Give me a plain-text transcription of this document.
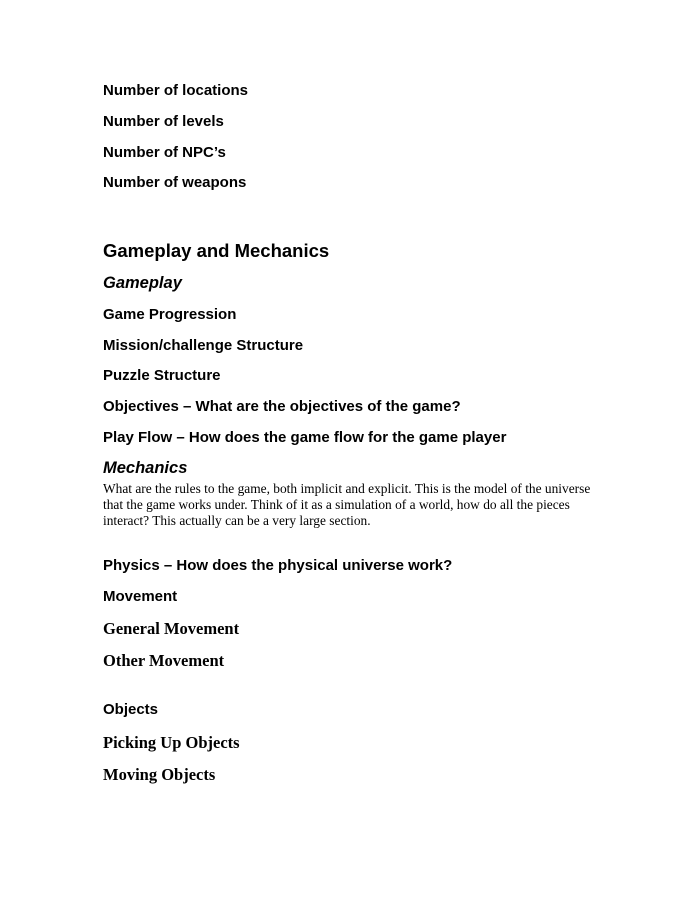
Number of locations

Number of levels

Number of NPC’s

Number of weapons

Gameplay and Mechanics
Gameplay

Game Progression

Mission/challenge Structure

Puzzle Structure

Objectives – What are the objectives of the game?

Play Flow – How does the game flow for the game player

Mechanics

What are the rules to the game, both implicit and explicit. This is the model of the universe that the game works under. Think of it as a simulation of a world, how do all the pieces interact? This actually can be a very large section.

Physics – How does the physical universe work?

Movement

General Movement

Other Movement

Objects

Picking Up Objects

Moving Objects
